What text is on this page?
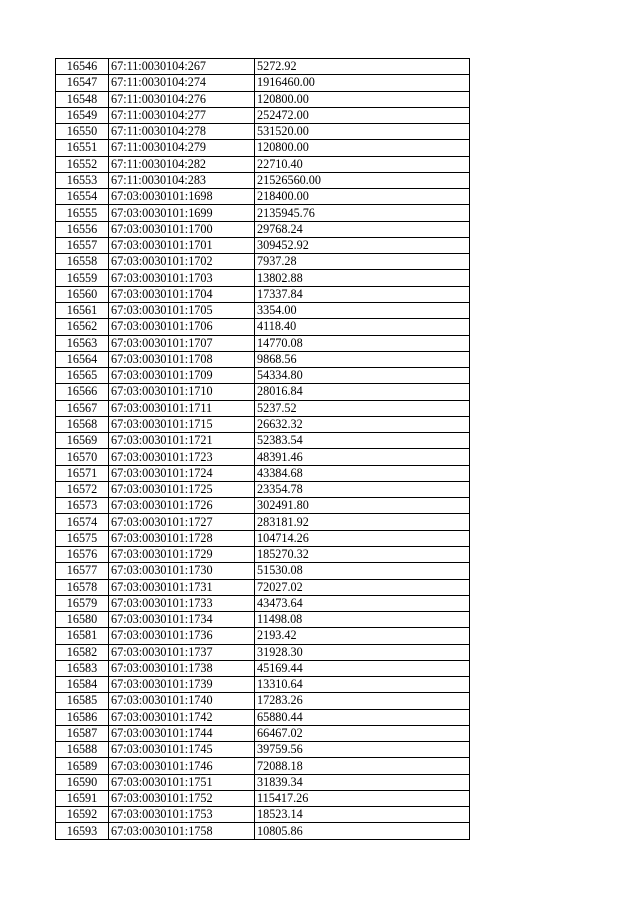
16546	67:11:0030104:267	5272.92
16547	67:11:0030104:274	1916460.00
16548	67:11:0030104:276	120800.00
16549	67:11:0030104:277	252472.00
16550	67:11:0030104:278	531520.00
16551	67:11:0030104:279	120800.00
16552	67:11:0030104:282	22710.40
16553	67:11:0030104:283	21526560.00
16554	67:03:0030101:1698	218400.00
16555	67:03:0030101:1699	2135945.76
16556	67:03:0030101:1700	29768.24
16557	67:03:0030101:1701	309452.92
16558	67:03:0030101:1702	7937.28
16559	67:03:0030101:1703	13802.88
16560	67:03:0030101:1704	17337.84
16561	67:03:0030101:1705	3354.00
16562	67:03:0030101:1706	4118.40
16563	67:03:0030101:1707	14770.08
16564	67:03:0030101:1708	9868.56
16565	67:03:0030101:1709	54334.80
16566	67:03:0030101:1710	28016.84
16567	67:03:0030101:1711	5237.52
16568	67:03:0030101:1715	26632.32
16569	67:03:0030101:1721	52383.54
16570	67:03:0030101:1723	48391.46
16571	67:03:0030101:1724	43384.68
16572	67:03:0030101:1725	23354.78
16573	67:03:0030101:1726	302491.80
16574	67:03:0030101:1727	283181.92
16575	67:03:0030101:1728	104714.26
16576	67:03:0030101:1729	185270.32
16577	67:03:0030101:1730	51530.08
16578	67:03:0030101:1731	72027.02
16579	67:03:0030101:1733	43473.64
16580	67:03:0030101:1734	11498.08
16581	67:03:0030101:1736	2193.42
16582	67:03:0030101:1737	31928.30
16583	67:03:0030101:1738	45169.44
16584	67:03:0030101:1739	13310.64
16585	67:03:0030101:1740	17283.26
16586	67:03:0030101:1742	65880.44
16587	67:03:0030101:1744	66467.02
16588	67:03:0030101:1745	39759.56
16589	67:03:0030101:1746	72088.18
16590	67:03:0030101:1751	31839.34
16591	67:03:0030101:1752	115417.26
16592	67:03:0030101:1753	18523.14
16593	67:03:0030101:1758	10805.86
